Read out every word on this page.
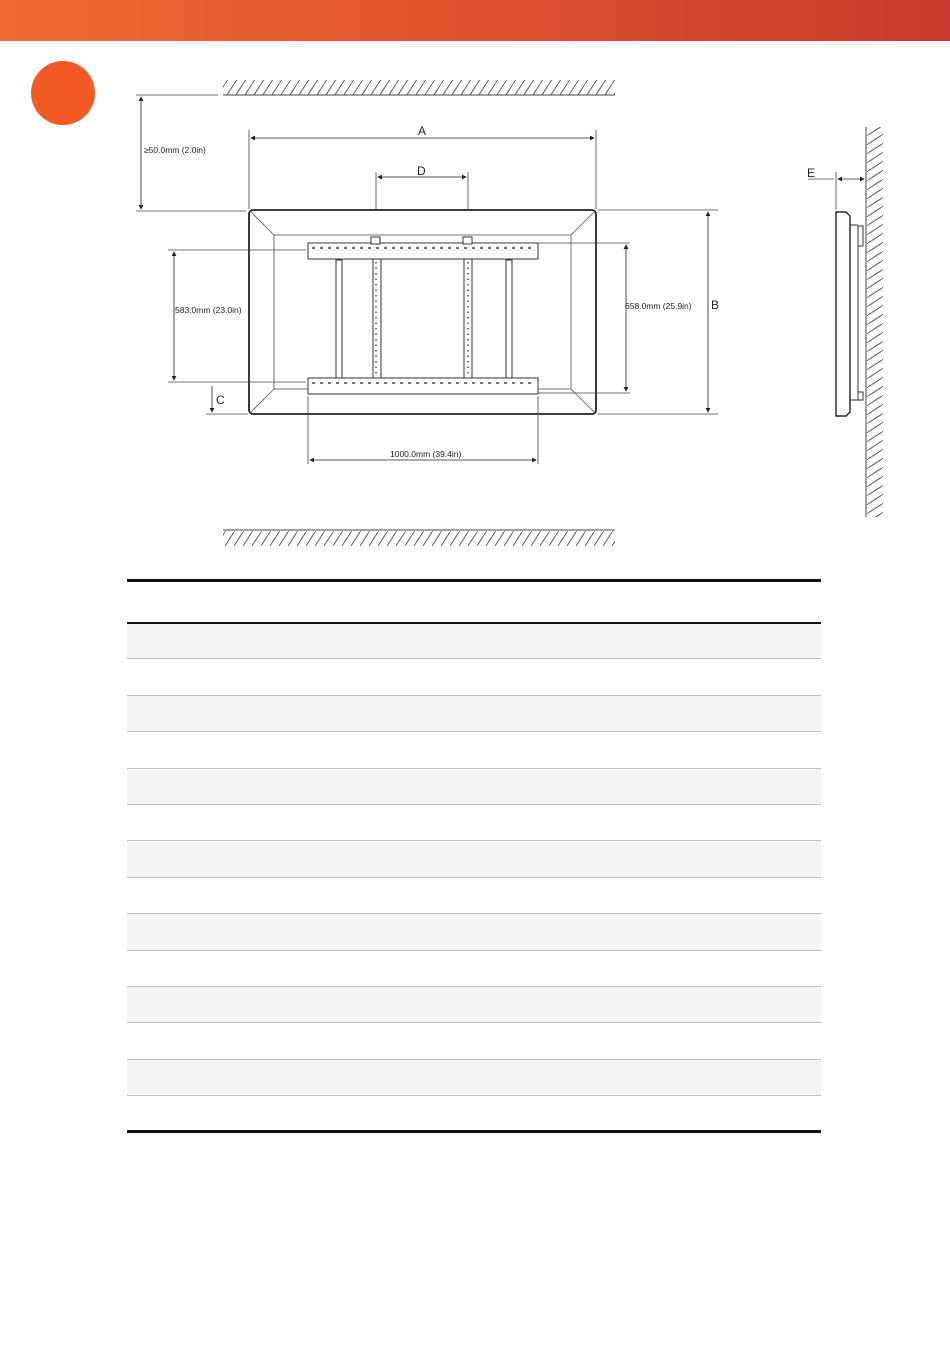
≥50.0mm (2.0in)
A
D
583.0mm (23.0in)
C
658.0mm (25.9in) B
1000.0mm (39.4in)
E
